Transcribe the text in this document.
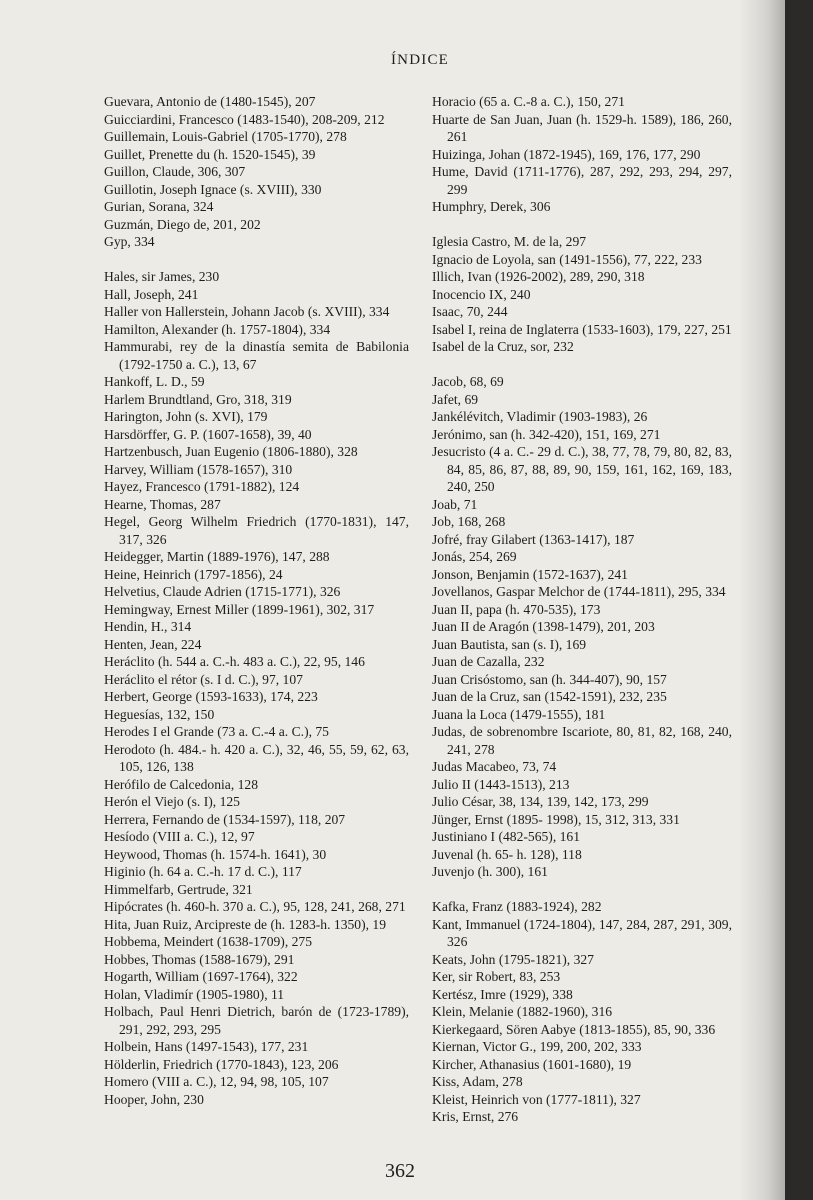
ÍNDICE
Guevara, Antonio de (1480-1545), 207
Guicciardini, Francesco (1483-1540), 208-209, 212
Guillemain, Louis-Gabriel (1705-1770), 278
Guillet, Prenette du (h. 1520-1545), 39
Guillon, Claude, 306, 307
Guillotin, Joseph Ignace (s. XVIII), 330
Gurian, Sorana, 324
Guzmán, Diego de, 201, 202
Gyp, 334
Hales, sir James, 230
Hall, Joseph, 241
Haller von Hallerstein, Johann Jacob (s. XVIII), 334
Hamilton, Alexander (h. 1757-1804), 334
Hammurabi, rey de la dinastía semita de Babilonia (1792-1750 a. C.), 13, 67
Hankoff, L. D., 59
Harlem Brundtland, Gro, 318, 319
Harington, John (s. XVI), 179
Harsdörffer, G. P. (1607-1658), 39, 40
Hartzenbusch, Juan Eugenio (1806-1880), 328
Harvey, William (1578-1657), 310
Hayez, Francesco (1791-1882), 124
Hearne, Thomas, 287
Hegel, Georg Wilhelm Friedrich (1770-1831), 147, 317, 326
Heidegger, Martin (1889-1976), 147, 288
Heine, Heinrich (1797-1856), 24
Helvetius, Claude Adrien (1715-1771), 326
Hemingway, Ernest Miller (1899-1961), 302, 317
Hendin, H., 314
Henten, Jean, 224
Heráclito (h. 544 a. C.-h. 483 a. C.), 22, 95, 146
Heráclito el rétor (s. I d. C.), 97, 107
Herbert, George (1593-1633), 174, 223
Heguesías, 132, 150
Herodes I el Grande (73 a. C.-4 a. C.), 75
Herodoto (h. 484.- h. 420 a. C.), 32, 46, 55, 59, 62, 63, 105, 126, 138
Herófilo de Calcedonia, 128
Herón el Viejo (s. I), 125
Herrera, Fernando de (1534-1597), 118, 207
Hesíodo (VIII a. C.), 12, 97
Heywood, Thomas (h. 1574-h. 1641), 30
Higinio (h. 64 a. C.-h. 17 d. C.), 117
Himmelfarb, Gertrude, 321
Hipócrates (h. 460-h. 370 a. C.), 95, 128, 241, 268, 271
Hita, Juan Ruiz, Arcipreste de (h. 1283-h. 1350), 19
Hobbema, Meindert (1638-1709), 275
Hobbes, Thomas (1588-1679), 291
Hogarth, William (1697-1764), 322
Holan, Vladimír (1905-1980), 11
Holbach, Paul Henri Dietrich, barón de (1723-1789), 291, 292, 293, 295
Holbein, Hans (1497-1543), 177, 231
Hölderlin, Friedrich (1770-1843), 123, 206
Homero (VIII a. C.), 12, 94, 98, 105, 107
Hooper, John, 230
Horacio (65 a. C.-8 a. C.), 150, 271
Huarte de San Juan, Juan (h. 1529-h. 1589), 186, 260, 261
Huizinga, Johan (1872-1945), 169, 176, 177, 290
Hume, David (1711-1776), 287, 292, 293, 294, 297, 299
Humphry, Derek, 306
Iglesia Castro, M. de la, 297
Ignacio de Loyola, san (1491-1556), 77, 222, 233
Illich, Ivan (1926-2002), 289, 290, 318
Inocencio IX, 240
Isaac, 70, 244
Isabel I, reina de Inglaterra (1533-1603), 179, 227, 251
Isabel de la Cruz, sor, 232
Jacob, 68, 69
Jafet, 69
Jankélévitch, Vladimir (1903-1983), 26
Jerónimo, san (h. 342-420), 151, 169, 271
Jesucristo (4 a. C.- 29 d. C.), 38, 77, 78, 79, 80, 82, 83, 84, 85, 86, 87, 88, 89, 90, 159, 161, 162, 169, 183, 240, 250
Joab, 71
Job, 168, 268
Jofré, fray Gilabert (1363-1417), 187
Jonás, 254, 269
Jonson, Benjamin (1572-1637), 241
Jovellanos, Gaspar Melchor de (1744-1811), 295, 334
Juan II, papa (h. 470-535), 173
Juan II de Aragón (1398-1479), 201, 203
Juan Bautista, san (s. I), 169
Juan de Cazalla, 232
Juan Crisóstomo, san (h. 344-407), 90, 157
Juan de la Cruz, san (1542-1591), 232, 235
Juana la Loca (1479-1555), 181
Judas, de sobrenombre Iscariote, 80, 81, 82, 168, 240, 241, 278
Judas Macabeo, 73, 74
Julio II (1443-1513), 213
Julio César, 38, 134, 139, 142, 173, 299
Jünger, Ernst (1895- 1998), 15, 312, 313, 331
Justiniano I (482-565), 161
Juvenal (h. 65- h. 128), 118
Juvenjo (h. 300), 161
Kafka, Franz (1883-1924), 282
Kant, Immanuel (1724-1804), 147, 284, 287, 291, 309, 326
Keats, John (1795-1821), 327
Ker, sir Robert, 83, 253
Kertész, Imre (1929), 338
Klein, Melanie (1882-1960), 316
Kierkegaard, Sören Aabye (1813-1855), 85, 90, 336
Kiernan, Victor G., 199, 200, 202, 333
Kircher, Athanasius (1601-1680), 19
Kiss, Adam, 278
Kleist, Heinrich von (1777-1811), 327
Kris, Ernst, 276
362
